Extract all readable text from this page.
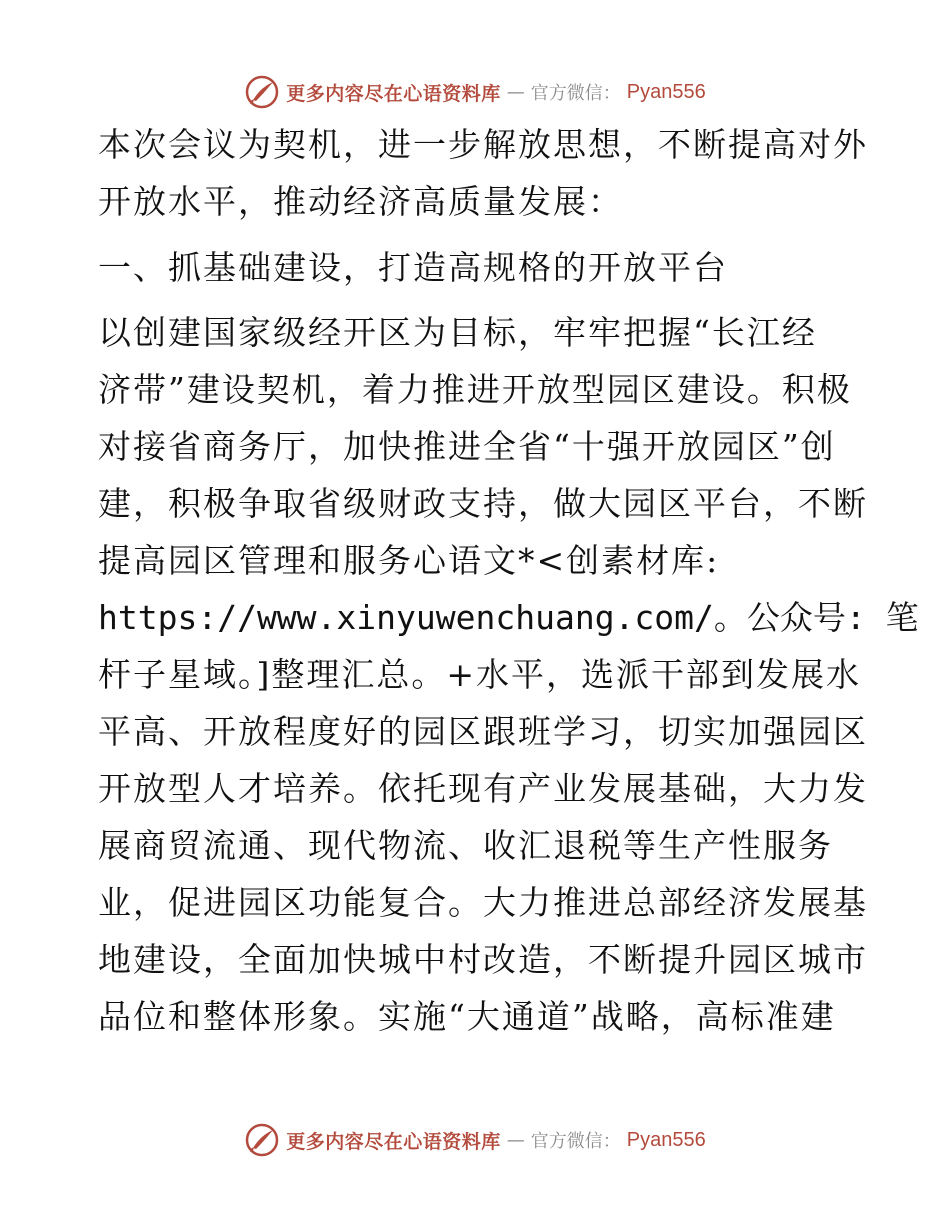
更多内容尽在心语资料库 — 官方微信： Pyan556
本次会议为契机，进一步解放思想，不断提高对外
开放水平，推动经济高质量发展：
一、抓基础建设，打造高规格的开放平台
以创建国家级经开区为目标，牢牢把握“长江经
济带”建设契机，着力推进开放型园区建设。积极
对接省商务厅，加快推进全省“十强开放园区”创
建，积极争取省级财政支持，做大园区平台，不断
提高园区管理和服务心语文*<创素材库:
https://www.xinyuwenchuang.com/。公众号: 笔
杆子星域。]整理汇总。+水平，选派干部到发展水
平高、开放程度好的园区跟班学习，切实加强园区
开放型人才培养。依托现有产业发展基础，大力发
展商贸流通、现代物流、收汇退税等生产性服务
业，促进园区功能复合。大力推进总部经济发展基
地建设，全面加快城中村改造，不断提升园区城市
品位和整体形象。实施“大通道”战略，高标准建
更多内容尽在心语资料库 — 官方微信： Pyan556
